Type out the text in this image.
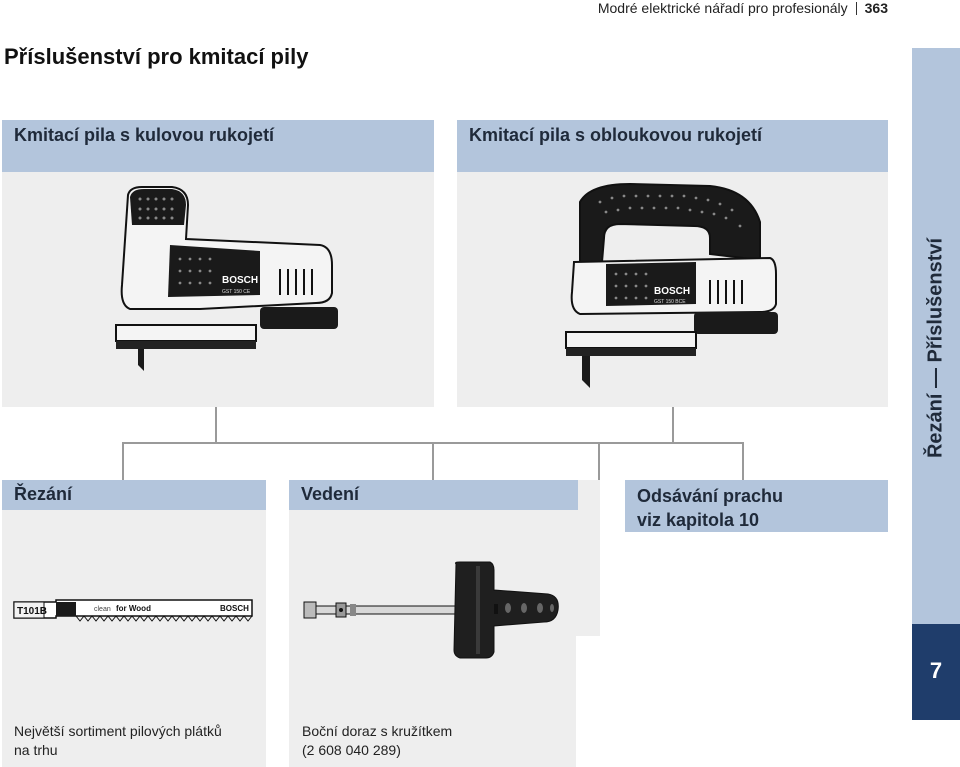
Modré elektrické nářadí pro profesionály 363
Příslušenství pro kmitací pily
Řezání — Příslušenství
7
Kmitací pila s kulovou rukojetí
BOSCH
GST 150 CE
Kmitací pila s obloukovou rukojetí
BOSCH
GST 150 BCE
Řezání	Vedení	Odsávání prachu
viz kapitola 10
T101B	clean for Wood	BOSCH
Největší sortiment pilových plátků
na trhu
Boční doraz s kružítkem
(2 608 040 289)
